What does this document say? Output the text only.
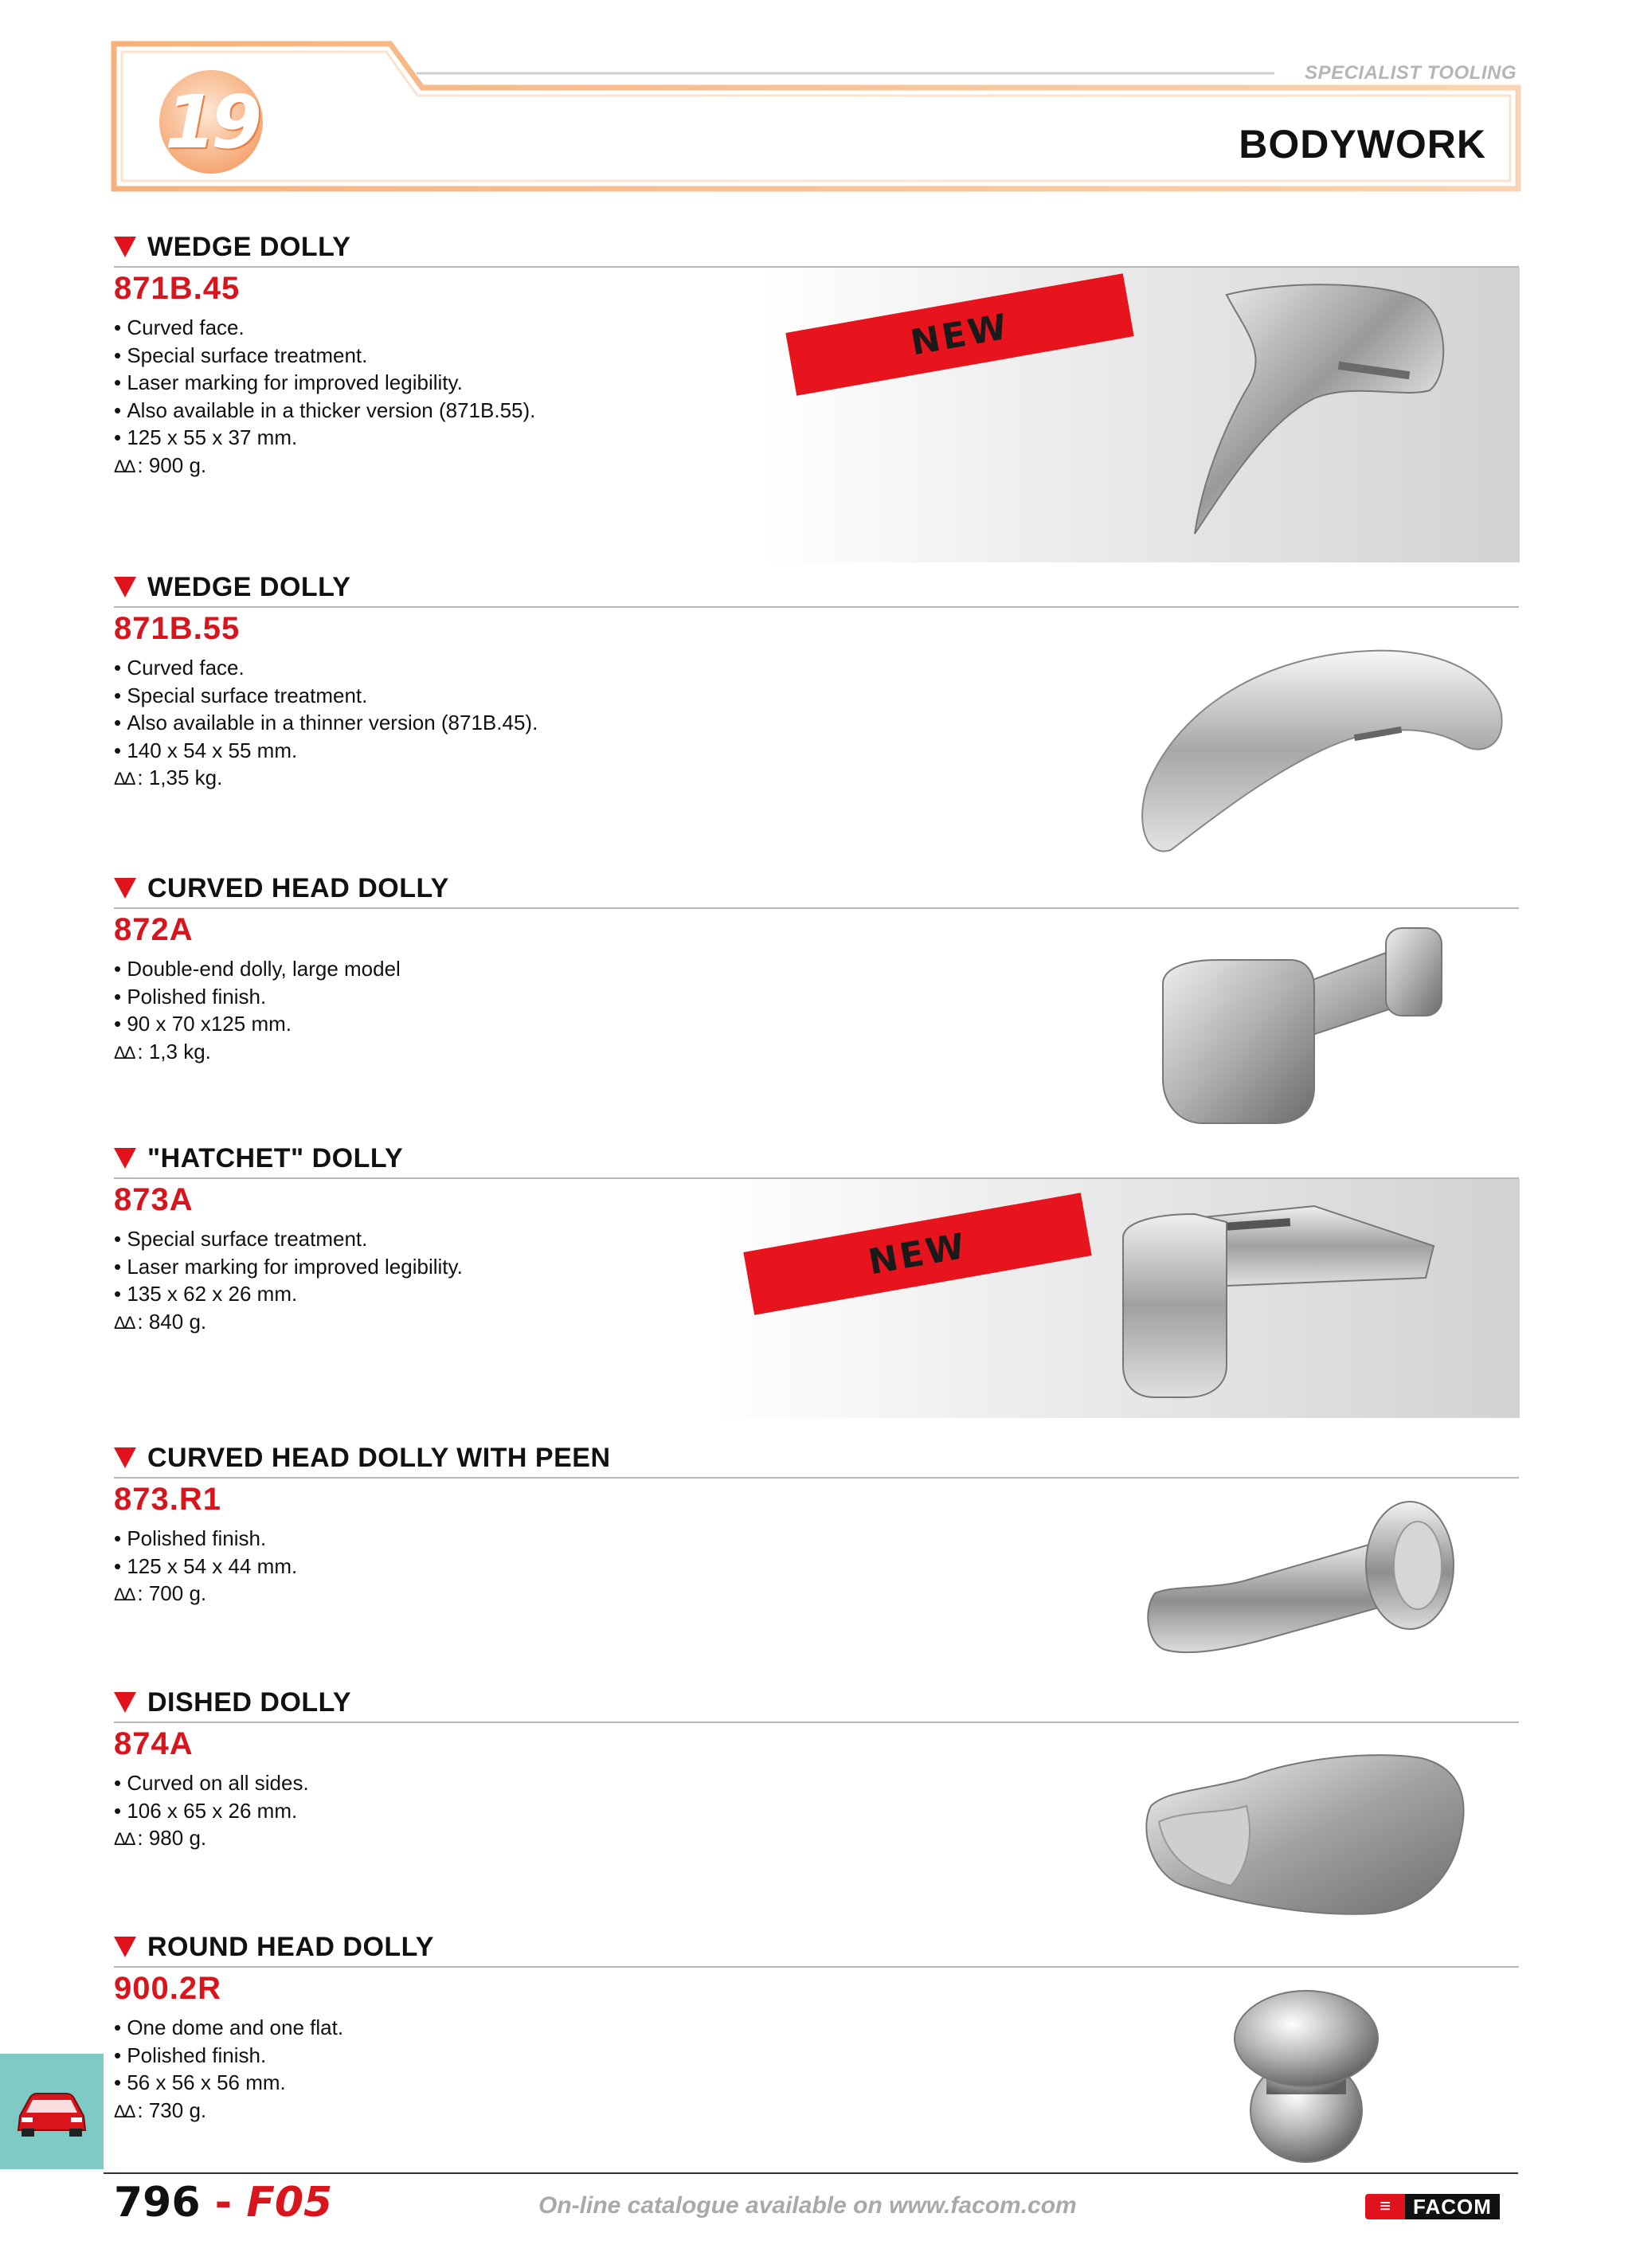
19
SPECIALIST TOOLING
BODYWORK
WEDGE DOLLY
871B.45
• Curved face.
• Special surface treatment.
• Laser marking for improved legibility.
• Also available in a thicker version (871B.55).
• 125 x 55 x 37 mm.
ΔΔ : 900 g.
NEW
WEDGE DOLLY
871B.55
• Curved face.
• Special surface treatment.
• Also available in a thinner version (871B.45).
• 140 x 54 x 55 mm.
ΔΔ : 1,35 kg.
CURVED HEAD DOLLY
872A
• Double-end dolly, large model
• Polished finish.
• 90 x 70 x125 mm.
ΔΔ : 1,3 kg.
"HATCHET" DOLLY
873A
• Special surface treatment.
• Laser marking for improved legibility.
• 135 x 62 x 26 mm.
ΔΔ : 840 g.
NEW
CURVED HEAD DOLLY WITH PEEN
873.R1
• Polished finish.
• 125 x 54 x 44 mm.
ΔΔ : 700 g.
DISHED DOLLY
874A
• Curved on all sides.
• 106 x 65 x 26 mm.
ΔΔ : 980 g.
ROUND HEAD DOLLY
900.2R
• One dome and one flat.
• Polished finish.
• 56 x 56 x 56 mm.
ΔΔ : 730 g.
796 - F05	On-line catalogue available on www.facom.com	≡	FACOM
